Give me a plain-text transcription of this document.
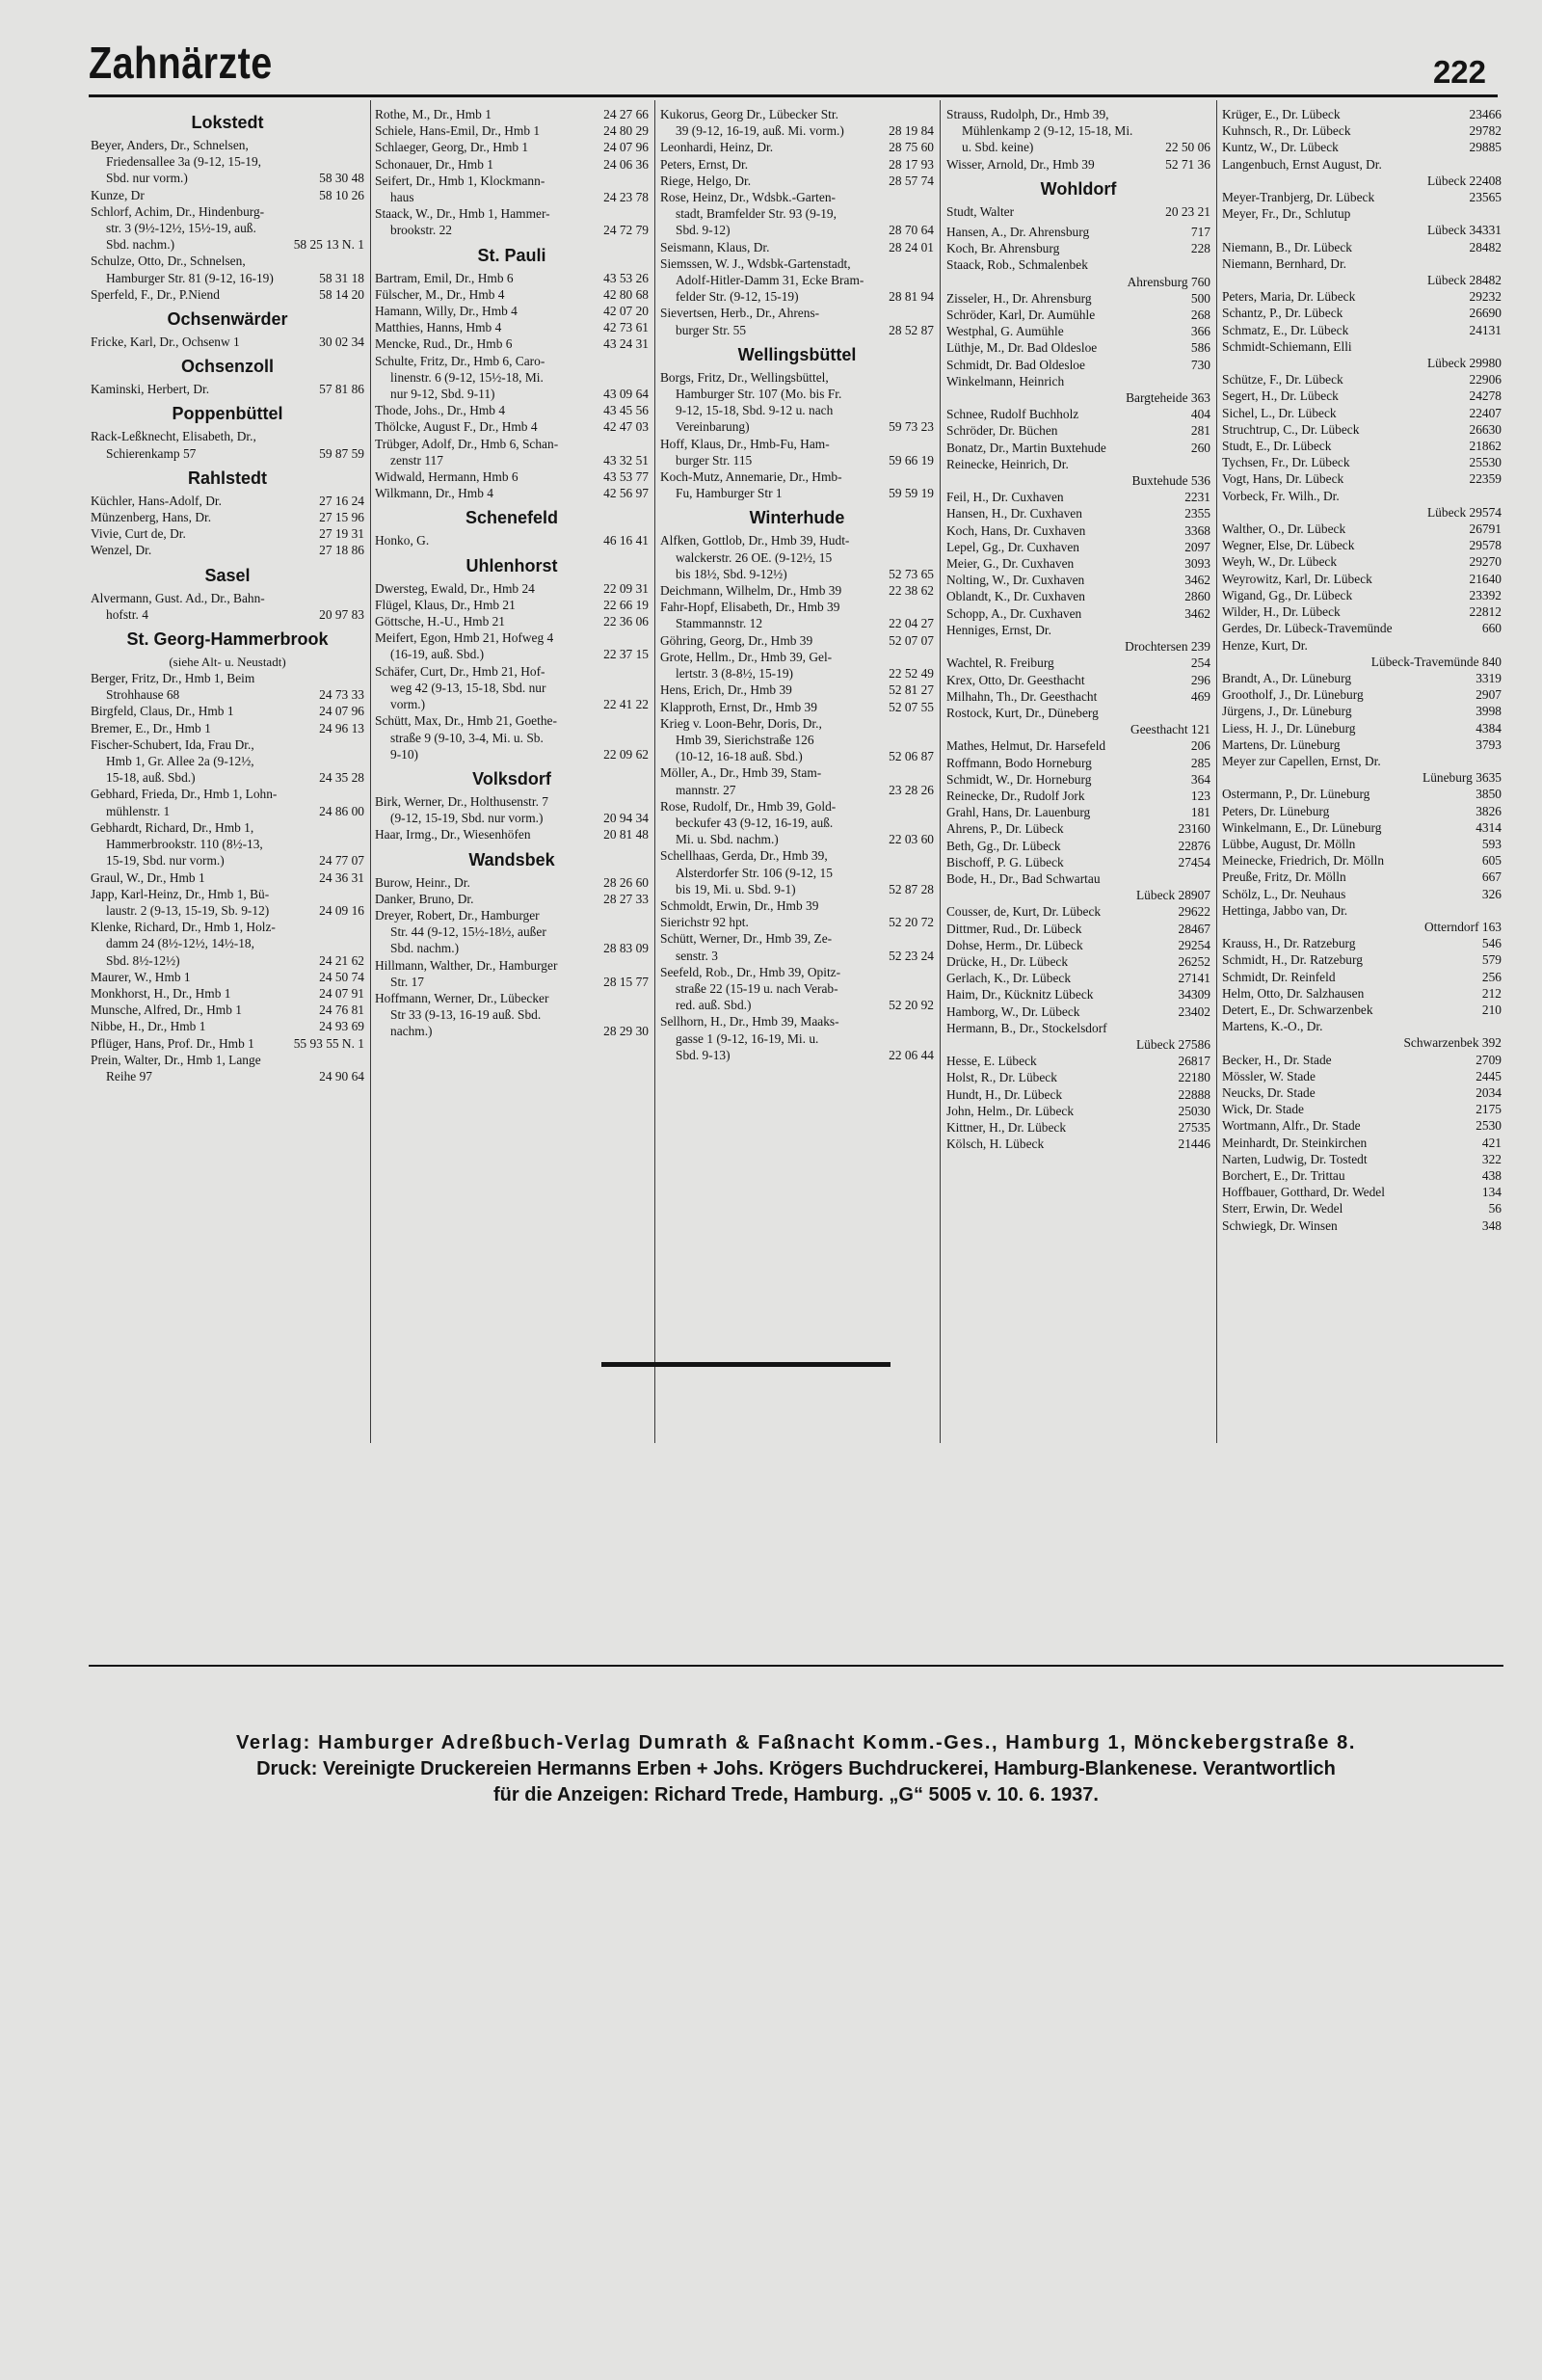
Zahnärzte	222
Lokstedt
Beyer, Anders, Dr., Schnelsen,
Friedensallee 3a (9-12, 15-19,
Sbd. nur vorm.)	58 30 48
Kunze, Dr	58 10 26
Schlorf, Achim, Dr., Hindenburg-
str. 3 (9½-12½, 15½-19, auß.
Sbd. nachm.)	58 25 13 N. 1
Schulze, Otto, Dr., Schnelsen,
Hamburger Str. 81 (9-12, 16-19)	58 31 18
Sperfeld, F., Dr., P.Niend	58 14 20
Ochsenwärder
Fricke, Karl, Dr., Ochsenw 1	30 02 34
Ochsenzoll
Kaminski, Herbert, Dr.	57 81 86
Poppenbüttel
Rack-Leßknecht, Elisabeth, Dr.,
Schierenkamp 57	59 87 59
Rahlstedt
Küchler, Hans-Adolf, Dr.	27 16 24
Münzenberg, Hans, Dr.	27 15 96
Vivie, Curt de, Dr.	27 19 31
Wenzel, Dr.	27 18 86
Sasel
Alvermann, Gust. Ad., Dr., Bahn-
hofstr. 4	20 97 83
St. Georg-Hammerbrook
(siehe Alt- u. Neustadt)
Berger, Fritz, Dr., Hmb 1, Beim
Strohhause 68	24 73 33
Birgfeld, Claus, Dr., Hmb 1	24 07 96
Bremer, E., Dr., Hmb 1	24 96 13
Fischer-Schubert, Ida, Frau Dr.,
Hmb 1, Gr. Allee 2a (9-12½,
15-18, auß. Sbd.)	24 35 28
Gebhard, Frieda, Dr., Hmb 1, Lohn-
mühlenstr. 1	24 86 00
Gebhardt, Richard, Dr., Hmb 1,
Hammerbrookstr. 110 (8½-13,
15-19, Sbd. nur vorm.)	24 77 07
Graul, W., Dr., Hmb 1	24 36 31
Japp, Karl-Heinz, Dr., Hmb 1, Bü-
laustr. 2 (9-13, 15-19, Sb. 9-12)	24 09 16
Klenke, Richard, Dr., Hmb 1, Holz-
damm 24 (8½-12½, 14½-18,
Sbd. 8½-12½)	24 21 62
Maurer, W., Hmb 1	24 50 74
Monkhorst, H., Dr., Hmb 1	24 07 91
Munsche, Alfred, Dr., Hmb 1	24 76 81
Nibbe, H., Dr., Hmb 1	24 93 69
Pflüger, Hans, Prof. Dr., Hmb 1	55 93 55 N. 1
Prein, Walter, Dr., Hmb 1, Lange
Reihe 97	24 90 64
Rothe, M., Dr., Hmb 1	24 27 66
Schiele, Hans-Emil, Dr., Hmb 1	24 80 29
Schlaeger, Georg, Dr., Hmb 1	24 07 96
Schonauer, Dr., Hmb 1	24 06 36
Seifert, Dr., Hmb 1, Klockmann-
haus	24 23 78
Staack, W., Dr., Hmb 1, Hammer-
brookstr. 22	24 72 79
St. Pauli
Bartram, Emil, Dr., Hmb 6	43 53 26
Fülscher, M., Dr., Hmb 4	42 80 68
Hamann, Willy, Dr., Hmb 4	42 07 20
Matthies, Hanns, Hmb 4	42 73 61
Mencke, Rud., Dr., Hmb 6	43 24 31
Schulte, Fritz, Dr., Hmb 6, Caro-
linenstr. 6 (9-12, 15½-18, Mi.
nur 9-12, Sbd. 9-11)	43 09 64
Thode, Johs., Dr., Hmb 4	43 45 56
Thölcke, August F., Dr., Hmb 4	42 47 03
Trübger, Adolf, Dr., Hmb 6, Schan-
zenstr 117	43 32 51
Widwald, Hermann, Hmb 6	43 53 77
Wilkmann, Dr., Hmb 4	42 56 97
Schenefeld
Honko, G.	46 16 41
Uhlenhorst
Dwersteg, Ewald, Dr., Hmb 24	22 09 31
Flügel, Klaus, Dr., Hmb 21	22 66 19
Göttsche, H.-U., Hmb 21	22 36 06
Meifert, Egon, Hmb 21, Hofweg 4
(16-19, auß. Sbd.)	22 37 15
Schäfer, Curt, Dr., Hmb 21, Hof-
weg 42 (9-13, 15-18, Sbd. nur
vorm.)	22 41 22
Schütt, Max, Dr., Hmb 21, Goethe-
straße 9 (9-10, 3-4, Mi. u. Sb.
9-10)	22 09 62
Volksdorf
Birk, Werner, Dr., Holthusenstr. 7
(9-12, 15-19, Sbd. nur vorm.)	20 94 34
Haar, Irmg., Dr., Wiesenhöfen	20 81 48
Wandsbek
Burow, Heinr., Dr.	28 26 60
Danker, Bruno, Dr.	28 27 33
Dreyer, Robert, Dr., Hamburger
Str. 44 (9-12, 15½-18½, außer
Sbd. nachm.)	28 83 09
Hillmann, Walther, Dr., Hamburger
Str. 17	28 15 77
Hoffmann, Werner, Dr., Lübecker
Str 33 (9-13, 16-19 auß. Sbd.
nachm.)	28 29 30
Kukorus, Georg Dr., Lübecker Str.
39 (9-12, 16-19, auß. Mi. vorm.)	28 19 84
Leonhardi, Heinz, Dr.	28 75 60
Peters, Ernst, Dr.	28 17 93
Riege, Helgo, Dr.	28 57 74
Rose, Heinz, Dr., Wdsbk.-Garten-
stadt, Bramfelder Str. 93 (9-19,
Sbd. 9-12)	28 70 64
Seismann, Klaus, Dr.	28 24 01
Siemssen, W. J., Wdsbk-Gartenstadt,
Adolf-Hitler-Damm 31, Ecke Bram-
felder Str. (9-12, 15-19)	28 81 94
Sievertsen, Herb., Dr., Ahrens-
burger Str. 55	28 52 87
Wellingsbüttel
Borgs, Fritz, Dr., Wellingsbüttel,
Hamburger Str. 107 (Mo. bis Fr.
9-12, 15-18, Sbd. 9-12 u. nach
Vereinbarung)	59 73 23
Hoff, Klaus, Dr., Hmb-Fu, Ham-
burger Str. 115	59 66 19
Koch-Mutz, Annemarie, Dr., Hmb-
Fu, Hamburger Str 1	59 59 19
Winterhude
Alfken, Gottlob, Dr., Hmb 39, Hudt-
walckerstr. 26 OE. (9-12½, 15
bis 18½, Sbd. 9-12½)	52 73 65
Deichmann, Wilhelm, Dr., Hmb 39	22 38 62
Fahr-Hopf, Elisabeth, Dr., Hmb 39
Stammannstr. 12	22 04 27
Göhring, Georg, Dr., Hmb 39	52 07 07
Grote, Hellm., Dr., Hmb 39, Gel-
lertstr. 3 (8-8½, 15-19)	22 52 49
Hens, Erich, Dr., Hmb 39	52 81 27
Klapproth, Ernst, Dr., Hmb 39	52 07 55
Krieg v. Loon-Behr, Doris, Dr.,
Hmb 39, Sierichstraße 126
(10-12, 16-18 auß. Sbd.)	52 06 87
Möller, A., Dr., Hmb 39, Stam-
mannstr. 27	23 28 26
Rose, Rudolf, Dr., Hmb 39, Gold-
beckufer 43 (9-12, 16-19, auß.
Mi. u. Sbd. nachm.)	22 03 60
Schellhaas, Gerda, Dr., Hmb 39,
Alsterdorfer Str. 106 (9-12, 15
bis 19, Mi. u. Sbd. 9-1)	52 87 28
Schmoldt, Erwin, Dr., Hmb 39
Sierichstr 92 hpt.	52 20 72
Schütt, Werner, Dr., Hmb 39, Ze-
senstr. 3	52 23 24
Seefeld, Rob., Dr., Hmb 39, Opitz-
straße 22 (15-19 u. nach Verab-
red. auß. Sbd.)	52 20 92
Sellhorn, H., Dr., Hmb 39, Maaks-
gasse 1 (9-12, 16-19, Mi. u.
Sbd. 9-13)	22 06 44
Strauss, Rudolph, Dr., Hmb 39,
Mühlenkamp 2 (9-12, 15-18, Mi.
u. Sbd. keine)	22 50 06
Wisser, Arnold, Dr., Hmb 39	52 71 36
Wohldorf
Studt, Walter	20 23 21
Hansen, A., Dr. Ahrensburg	717
Koch, Br. Ahrensburg	228
Staack, Rob., Schmalenbek
Ahrensburg 760
Zisseler, H., Dr. Ahrensburg	500
Schröder, Karl, Dr. Aumühle	268
Westphal, G. Aumühle	366
Lüthje, M., Dr. Bad Oldesloe	586
Schmidt, Dr. Bad Oldesloe	730
Winkelmann, Heinrich
Bargteheide 363
Schnee, Rudolf Buchholz	404
Schröder, Dr. Büchen	281
Bonatz, Dr., Martin Buxtehude	260
Reinecke, Heinrich, Dr.
Buxtehude 536
Feil, H., Dr. Cuxhaven	2231
Hansen, H., Dr. Cuxhaven	2355
Koch, Hans, Dr. Cuxhaven	3368
Lepel, Gg., Dr. Cuxhaven	2097
Meier, G., Dr. Cuxhaven	3093
Nolting, W., Dr. Cuxhaven	3462
Oblandt, K., Dr. Cuxhaven	2860
Schopp, A., Dr. Cuxhaven	3462
Henniges, Ernst, Dr.
Drochtersen 239
Wachtel, R. Freiburg	254
Krex, Otto, Dr. Geesthacht	296
Milhahn, Th., Dr. Geesthacht	469
Rostock, Kurt, Dr., Düneberg
Geesthacht 121
Mathes, Helmut, Dr. Harsefeld	206
Roffmann, Bodo Horneburg	285
Schmidt, W., Dr. Horneburg	364
Reinecke, Dr., Rudolf Jork	123
Grahl, Hans, Dr. Lauenburg	181
Ahrens, P., Dr. Lübeck	23160
Beth, Gg., Dr. Lübeck	22876
Bischoff, P. G. Lübeck	27454
Bode, H., Dr., Bad Schwartau
Lübeck 28907
Cousser, de, Kurt, Dr. Lübeck	29622
Dittmer, Rud., Dr. Lübeck	28467
Dohse, Herm., Dr. Lübeck	29254
Drücke, H., Dr. Lübeck	26252
Gerlach, K., Dr. Lübeck	27141
Haim, Dr., Kücknitz Lübeck	34309
Hamborg, W., Dr. Lübeck	23402
Hermann, B., Dr., Stockelsdorf
Lübeck 27586
Hesse, E. Lübeck	26817
Holst, R., Dr. Lübeck	22180
Hundt, H., Dr. Lübeck	22888
John, Helm., Dr. Lübeck	25030
Kittner, H., Dr. Lübeck	27535
Kölsch, H. Lübeck	21446
Krüger, E., Dr. Lübeck	23466
Kuhnsch, R., Dr. Lübeck	29782
Kuntz, W., Dr. Lübeck	29885
Langenbuch, Ernst August, Dr.
Lübeck 22408
Meyer-Tranbjerg, Dr. Lübeck	23565
Meyer, Fr., Dr., Schlutup
Lübeck 34331
Niemann, B., Dr. Lübeck	28482
Niemann, Bernhard, Dr.
Lübeck 28482
Peters, Maria, Dr. Lübeck	29232
Schantz, P., Dr. Lübeck	26690
Schmatz, E., Dr. Lübeck	24131
Schmidt-Schiemann, Elli
Lübeck 29980
Schütze, F., Dr. Lübeck	22906
Segert, H., Dr. Lübeck	24278
Sichel, L., Dr. Lübeck	22407
Struchtrup, C., Dr. Lübeck	26630
Studt, E., Dr. Lübeck	21862
Tychsen, Fr., Dr. Lübeck	25530
Vogt, Hans, Dr. Lübeck	22359
Vorbeck, Fr. Wilh., Dr.
Lübeck 29574
Walther, O., Dr. Lübeck	26791
Wegner, Else, Dr. Lübeck	29578
Weyh, W., Dr. Lübeck	29270
Weyrowitz, Karl, Dr. Lübeck	21640
Wigand, Gg., Dr. Lübeck	23392
Wilder, H., Dr. Lübeck	22812
Gerdes, Dr. Lübeck-Travemünde	660
Henze, Kurt, Dr.
Lübeck-Travemünde 840
Brandt, A., Dr. Lüneburg	3319
Grootholf, J., Dr. Lüneburg	2907
Jürgens, J., Dr. Lüneburg	3998
Liess, H. J., Dr. Lüneburg	4384
Martens, Dr. Lüneburg	3793
Meyer zur Capellen, Ernst, Dr.
Lüneburg 3635
Ostermann, P., Dr. Lüneburg	3850
Peters, Dr. Lüneburg	3826
Winkelmann, E., Dr. Lüneburg	4314
Lübbe, August, Dr. Mölln	593
Meinecke, Friedrich, Dr. Mölln	605
Preuße, Fritz, Dr. Mölln	667
Schölz, L., Dr. Neuhaus	326
Hettinga, Jabbo van, Dr.
Otterndorf 163
Krauss, H., Dr. Ratzeburg	546
Schmidt, H., Dr. Ratzeburg	579
Schmidt, Dr. Reinfeld	256
Helm, Otto, Dr. Salzhausen	212
Detert, E., Dr. Schwarzenbek	210
Martens, K.-O., Dr.
Schwarzenbek 392
Becker, H., Dr. Stade	2709
Mössler, W. Stade	2445
Neucks, Dr. Stade	2034
Wick, Dr. Stade	2175
Wortmann, Alfr., Dr. Stade	2530
Meinhardt, Dr. Steinkirchen	421
Narten, Ludwig, Dr. Tostedt	322
Borchert, E., Dr. Trittau	438
Hoffbauer, Gotthard, Dr. Wedel	134
Sterr, Erwin, Dr. Wedel	56
Schwiegk, Dr. Winsen	348
Verlag: Hamburger Adreßbuch-Verlag Dumrath & Faßnacht Komm.-Ges., Hamburg 1, Mönckebergstraße 8.
Druck: Vereinigte Druckereien Hermanns Erben + Johs. Krögers Buchdruckerei, Hamburg-Blankenese. Verantwortlich
für die Anzeigen: Richard Trede, Hamburg. „G“ 5005 v. 10. 6. 1937.
